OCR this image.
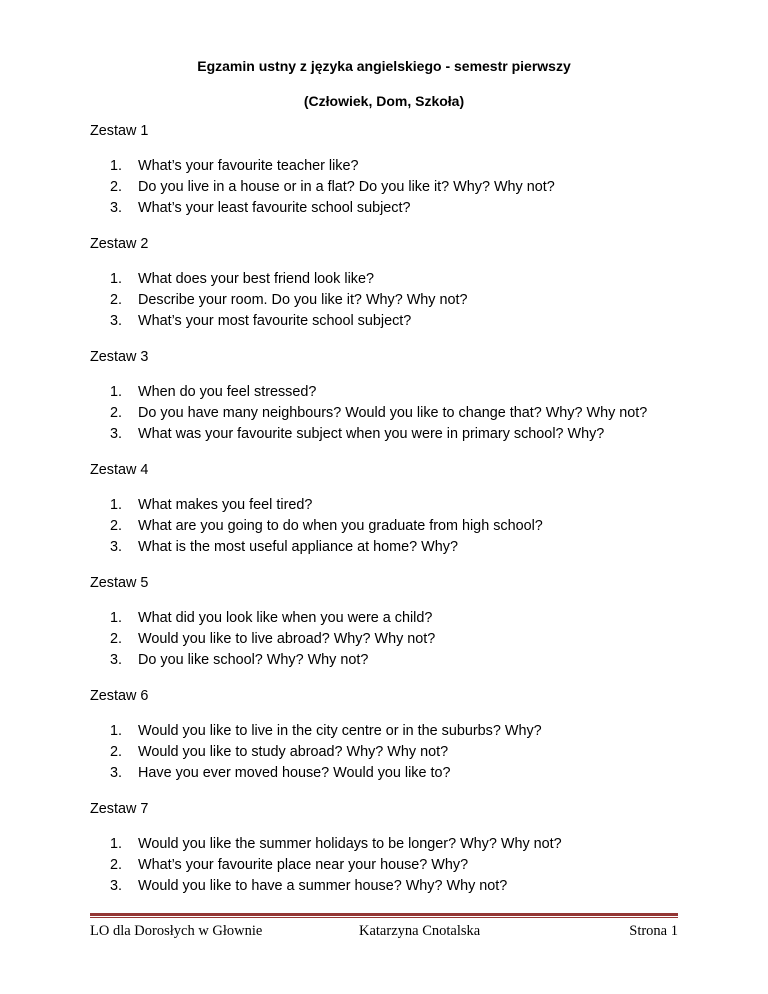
Egzamin ustny z języka angielskiego - semestr pierwszy
(Człowiek, Dom, Szkoła)

Zestaw 1

1.	What’s your favourite teacher like?
2.	Do you live in a house or in a flat? Do you like it? Why? Why not?
3.	What’s your least favourite school subject?

Zestaw 2

1.	What does your best friend look like?
2.	Describe your room. Do you like it? Why? Why not?
3.	What’s your most favourite school subject?

Zestaw 3

1.	When do you feel stressed?
2.	Do you have many neighbours? Would you like to change that? Why? Why not?
3.	What was your favourite subject when you were in primary school? Why?

Zestaw 4

1.	What makes you feel tired?
2.	What are you going to do when you graduate from high school?
3.	What is the most useful appliance at home? Why?

Zestaw 5

1.	What did you look like when you were a child?
2.	Would you like to live abroad? Why? Why not?
3.	Do you like school? Why? Why not?

Zestaw 6

1.	Would you like to live in the city centre or in the suburbs? Why?
2.	Would you like to study abroad? Why? Why not?
3.	Have you ever moved house? Would you like to?

Zestaw 7

1.	Would you like the summer holidays to be longer? Why? Why not?
2.	What’s your favourite place near your house? Why?
3.	Would you like to have a summer house? Why? Why not?
LO dla Dorosłych w Głownie	Katarzyna Cnotalska	Strona 1
